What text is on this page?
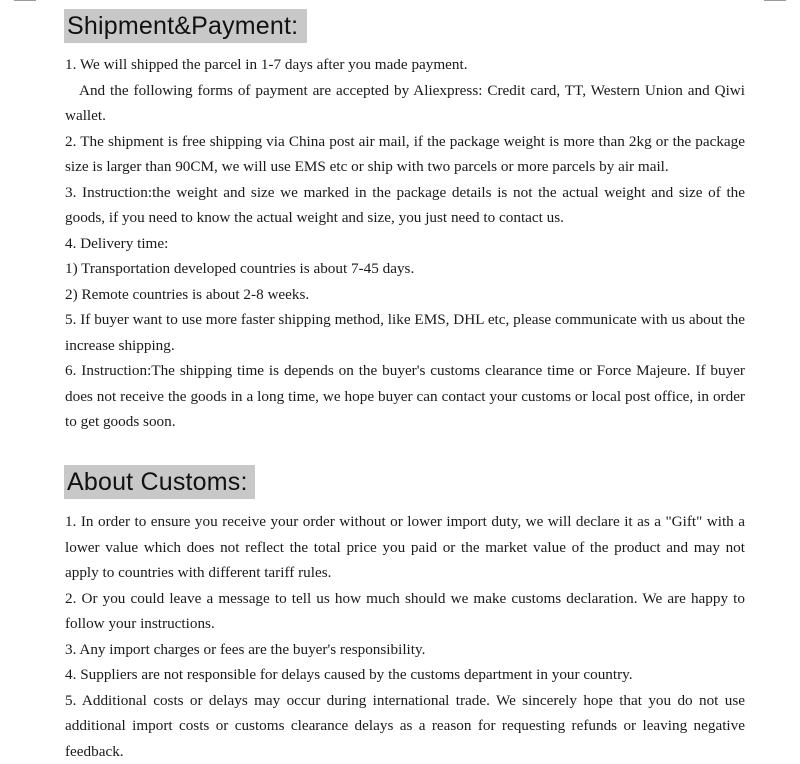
Shipment&Payment:

1. We will shipped the parcel in 1-7 days after you made payment.

And the following forms of payment are accepted by Aliexpress: Credit card, TT, Western Union and Qiwi wallet.

2. The shipment is free shipping via China post air mail, if the package weight is more than 2kg or the package size is larger than 90CM, we will use EMS etc or ship with two parcels or more parcels by air mail.

3. Instruction:the weight and size we marked in the package details is not the actual weight and size of the goods, if you need to know the actual weight and size, you just need to contact us.

4. Delivery time:

1) Transportation developed countries is about 7-45 days.

2) Remote countries is about 2-8 weeks.

5. If buyer want to use more faster shipping method, like EMS, DHL etc, please communicate with us about the increase shipping.

6. Instruction:The shipping time is depends on the buyer's customs clearance time or Force Majeure. If buyer does not receive the goods in a long time, we hope buyer can contact your customs or local post office, in order to get goods soon.

About Customs:

1. In order to ensure you receive your order without or lower import duty, we will declare it as a "Gift" with a lower value which does not reflect the total price you paid or the market value of the product and may not apply to countries with different tariff rules.

2. Or you could leave a message to tell us how much should we make customs declaration. We are happy to follow your instructions.

3. Any import charges or fees are the buyer's responsibility.

4. Suppliers are not responsible for delays caused by the customs department in your country.

5. Additional costs or delays may occur during international trade. We sincerely hope that you do not use additional import costs or customs clearance delays as a reason for requesting refunds or leaving negative feedback.
